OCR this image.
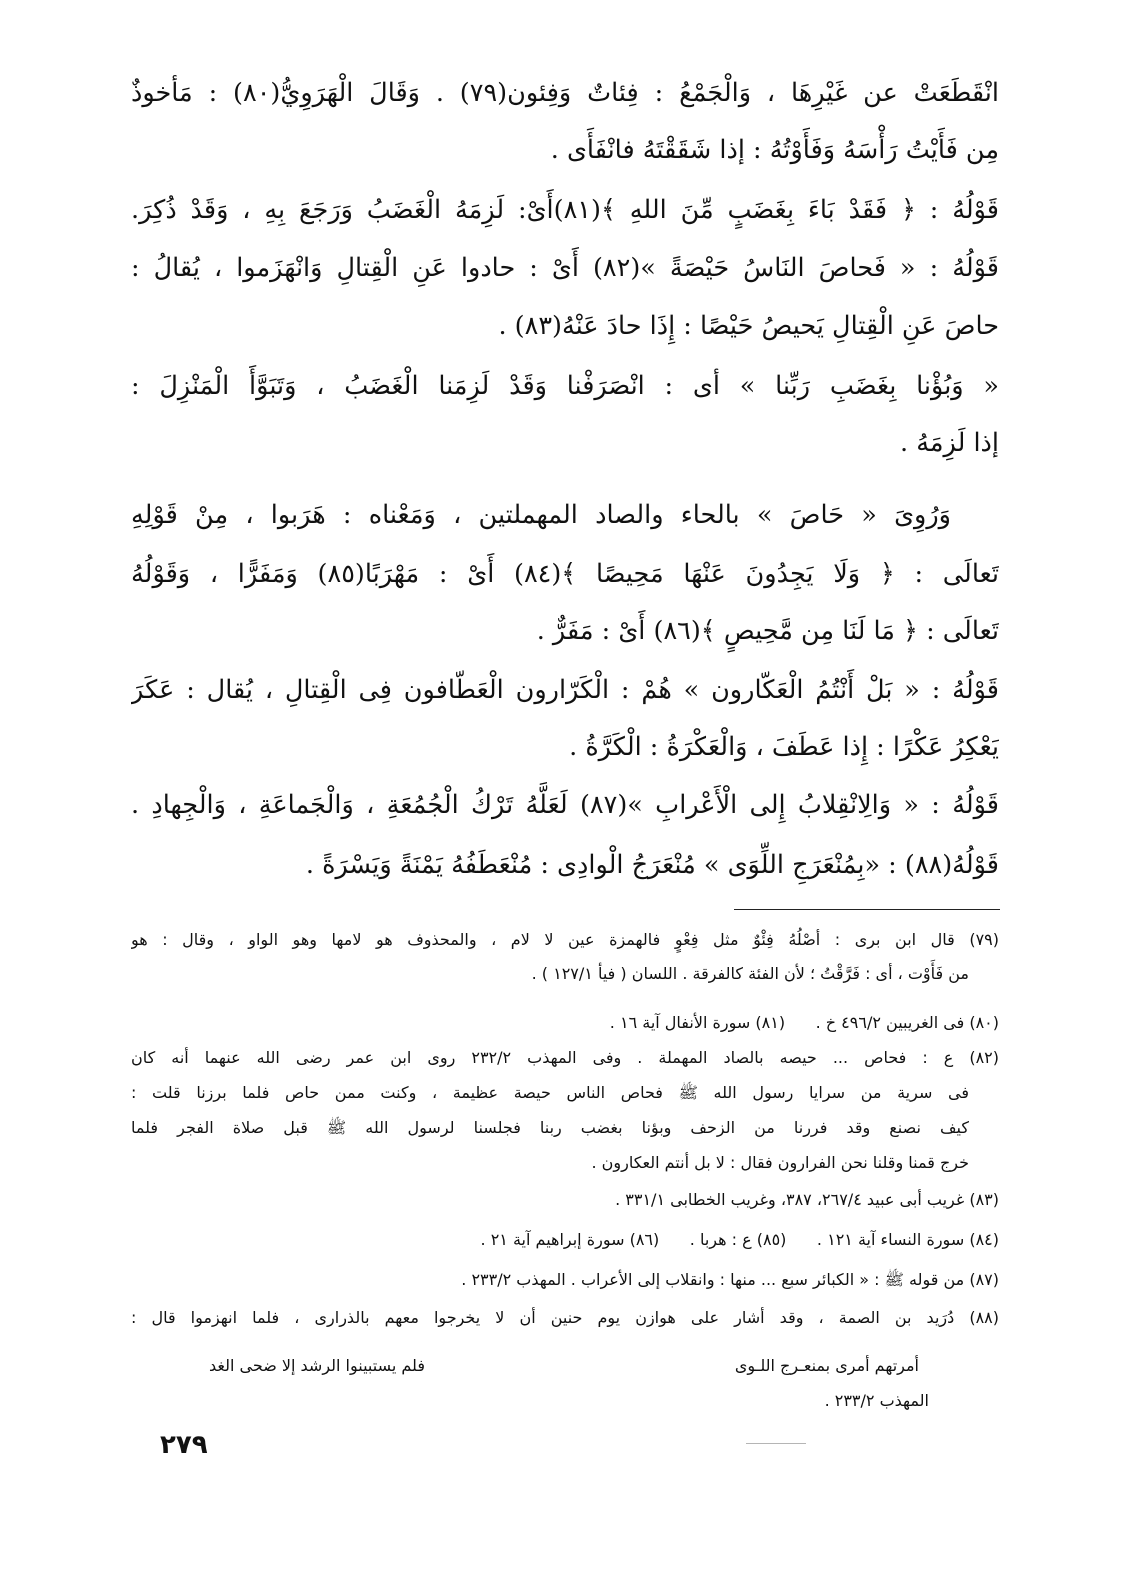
انْقَطَعَتْ عن غَيْرِهَا ، وَالْجَمْعُ : فِئاتٌ وَفِئون(٧٩) . وَقَالَ الْهَرَوِيُّ(٨٠) : مَأخوذٌ
مِن فَأَيْتُ رَأْسَهُ وَفَأَوْتُهُ : إذا شَقَقْتَهُ فانْفَأَى .
قَوْلُهُ : ﴿ فَقَدْ بَاءَ بِغَضَبٍ مِّنَ اللهِ ﴾(٨١)أَىْ: لَزِمَهُ الْغَضَبُ وَرَجَعَ بِهِ ، وَقَدْ ذُكِرَ.
قَوْلُهُ : « فَحاصَ النَاسُ حَيْصَةً »(٨٢) أَىْ : حادوا عَنِ الْقِتالِ وَانْهَزَموا ، يُقالُ :
حاصَ عَنِ الْقِتالِ يَحيصُ حَيْصًا : إِذَا حادَ عَنْهُ(٨٣) .
« وَبُؤْنا بِغَضَبِ رَبِّنا » أى : انْصَرَفْنا وَقَدْ لَزِمَنا الْغَضَبُ ، وَتَبَوَّأَ الْمَنْزِلَ :
إذا لَزِمَهُ .
وَرُوِىَ « حَاصَ » بالحاء والصاد المهملتين ، وَمَعْناه : هَرَبوا ، مِنْ قَوْلِهِ
تَعالَى : ﴿ وَلَا يَجِدُونَ عَنْهَا مَحِيصًا ﴾(٨٤) أَىْ : مَهْرَبًا(٨٥) وَمَفَرًّا ، وَقَوْلُهُ
تَعالَى : ﴿ مَا لَنَا مِن مَّحِيصٍ ﴾(٨٦) أَىْ : مَفَرٌّ .
قَوْلُهُ : « بَلْ أَنْتُمُ الْعَكّارون » هُمْ : الْكَرّارون الْعَطّافون فِى الْقِتالِ ، يُقال : عَكَرَ
يَعْكِرُ عَكْرًا : إِذا عَطَفَ ، وَالْعَكْرَةُ : الْكَرَّةُ .
قَوْلُهُ : « وَالِانْقِلابُ إِلى الْأَعْرابِ »(٨٧) لَعَلَّهُ تَرْكُ الْجُمُعَةِ ، وَالْجَماعَةِ ، وَالْجِهادِ .
قَوْلُهُ(٨٨) : «بِمُنْعَرَجِ اللِّوَى » مُنْعَرَجُ الْوادِى : مُنْعَطَفُهُ يَمْنَةً وَيَسْرَةً .
(٧٩) قال ابن برى : أصْلُهُ فِئْوٌ مثل فِعْوٍ فالهمزة عين لا لام ، والمحذوف هو لامها وهو الواو ، وقال : هو
من فَأَوْت ، أى : فَرَّقْتُ ؛ لأن الفئة كالفرقة . اللسان ( فيأ ١٢٧/١ ) .
(٨٠) فى الغريبين ٤٩٦/٢ خ .      (٨١) سورة الأنفال آية ١٦ .
(٨٢) ع : فحاص ... حيصه بالصاد المهملة . وفى المهذب ٢٣٢/٢ روى ابن عمر رضى الله عنهما أنه كان
فى سرية من سرايا رسول الله ﷺ فحاص الناس حيصة عظيمة ، وكنت ممن حاص فلما برزنا قلت :
كيف نصنع وقد فررنا من الزحف وبؤنا بغضب ربنا فجلسنا لرسول الله ﷺ قبل صلاة الفجر فلما
خرج قمنا وقلنا نحن الفرارون فقال : لا بل أنتم العكارون .
(٨٣) غريب أبى عبيد ٢٦٧/٤، ٣٨٧، وغريب الخطابى ٣٣١/١ .
(٨٤) سورة النساء آية ١٢١ .      (٨٥) ع : هربا .      (٨٦) سورة إبراهيم آية ٢١ .
(٨٧) من قوله ﷺ : « الكبائر سبع ... منها : وانقلاب إلى الأعراب . المهذب ٢٣٣/٢ .
(٨٨) دُرَيد بن الصمة ، وقد أشار على هوازن يوم حنين أن لا يخرجوا معهم بالذرارى ، فلما انهزموا قال :
أمرتهم أمرى بمنعـرج اللـوى
فلم يستبينوا الرشد إلا ضحى الغد
المهذب ٢٣٣/٢ .
٢٧٩
